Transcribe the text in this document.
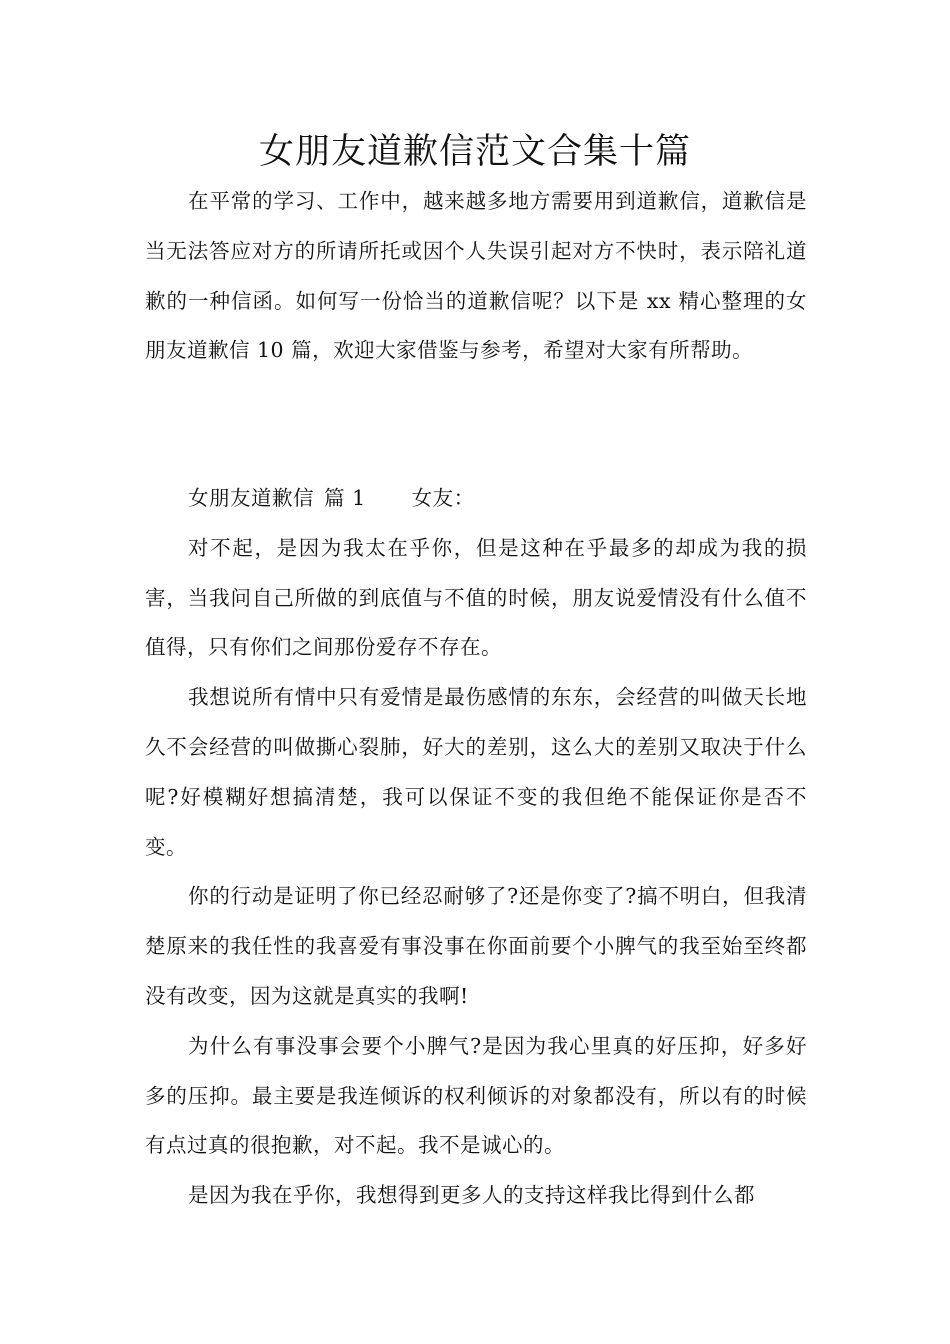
女朋友道歉信范文合集十篇

在平常的学习、工作中，越来越多地方需要用到道歉信，道歉信是当无法答应对方的所请所托或因个人失误引起对方不快时，表示陪礼道歉的一种信函。如何写一份恰当的道歉信呢？以下是 xx 精心整理的女朋友道歉信 10 篇，欢迎大家借鉴与参考，希望对大家有所帮助。

女朋友道歉信 篇 1 女友：

对不起，是因为我太在乎你，但是这种在乎最多的却成为我的损害，当我问自己所做的到底值与不值的时候，朋友说爱情没有什么值不值得，只有你们之间那份爱存不存在。

我想说所有情中只有爱情是最伤感情的东东，会经营的叫做天长地久不会经营的叫做撕心裂肺，好大的差别，这么大的差别又取决于什么呢?好模糊好想搞清楚，我可以保证不变的我但绝不能保证你是否不变。

你的行动是证明了你已经忍耐够了?还是你变了?搞不明白，但我清楚原来的我任性的我喜爱有事没事在你面前要个小脾气的我至始至终都没有改变，因为这就是真实的我啊!

为什么有事没事会要个小脾气?是因为我心里真的好压抑，好多好多的压抑。最主要是我连倾诉的权利倾诉的对象都没有，所以有的时候有点过真的很抱歉，对不起。我不是诚心的。

是因为我在乎你，我想得到更多人的支持这样我比得到什么都
